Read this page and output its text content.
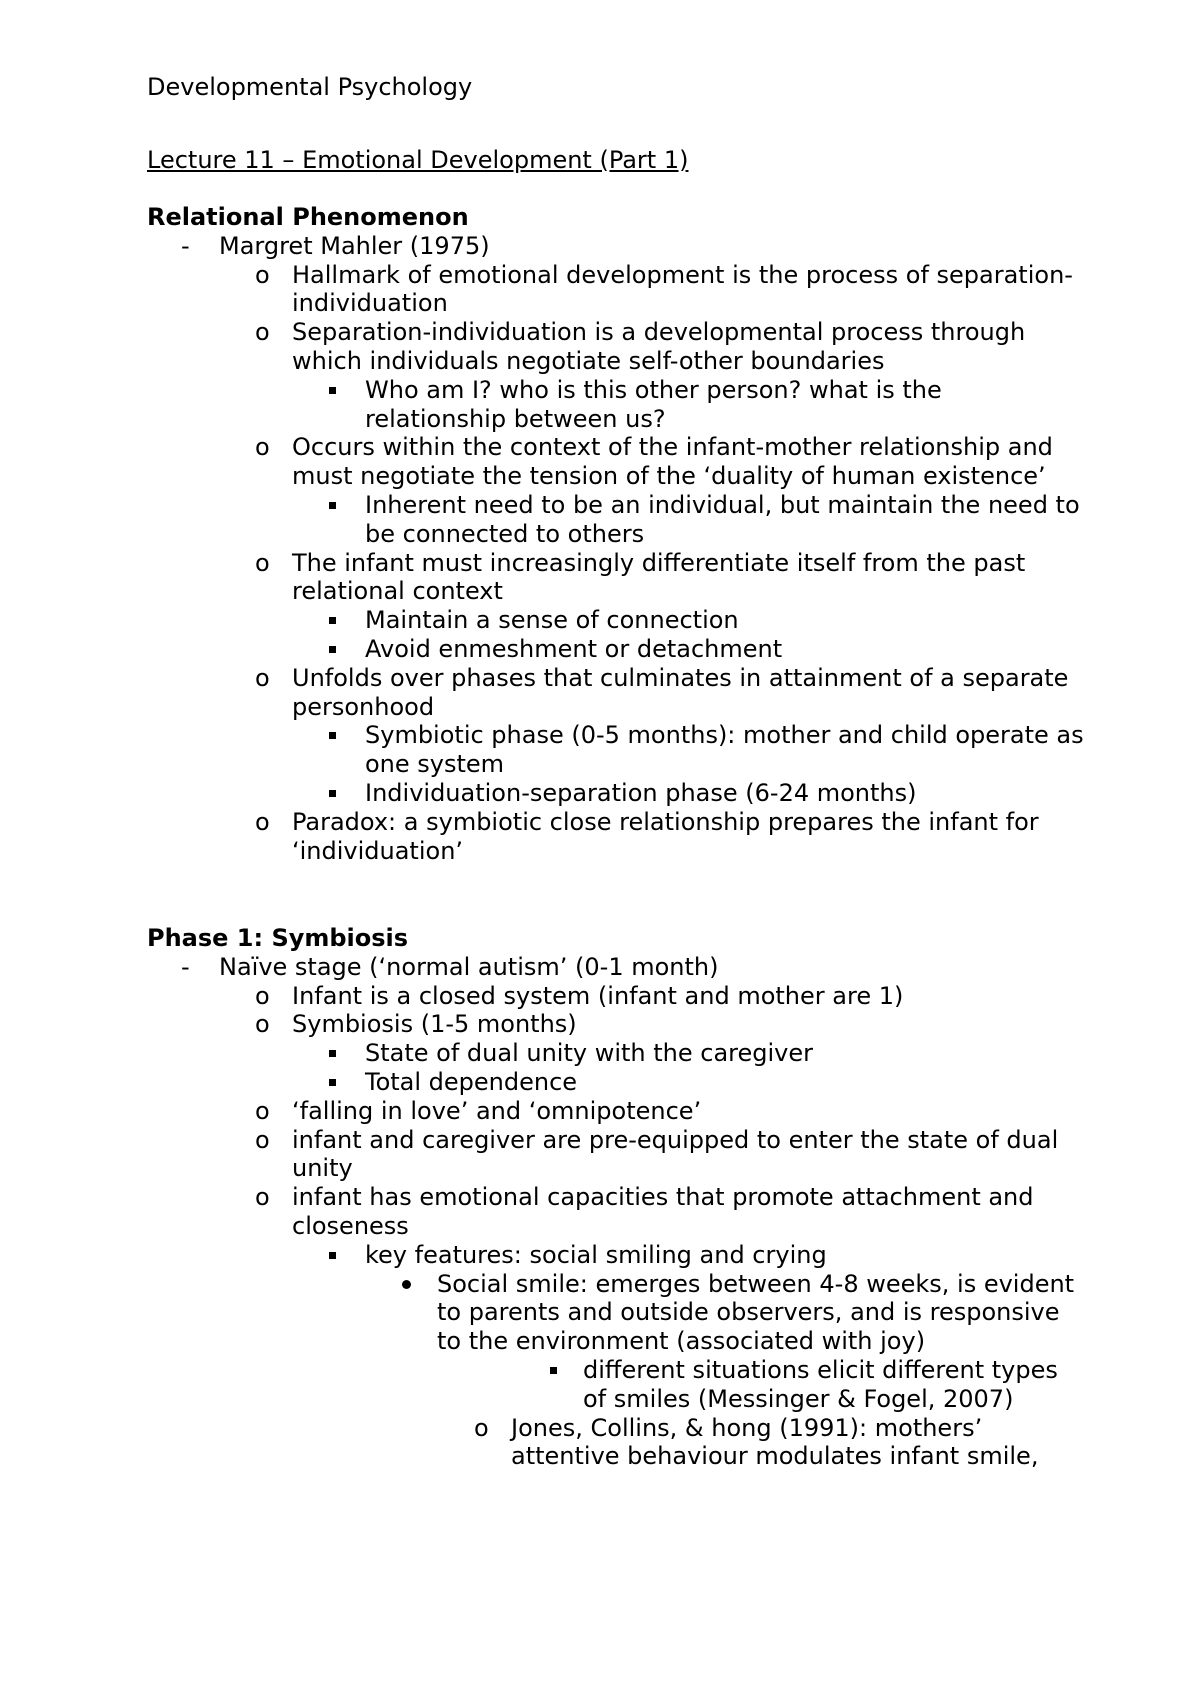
Developmental Psychology

Lecture 11 – Emotional Development (Part 1)

Relational Phenomenon

- Margret Mahler (1975)
o Hallmark of emotional development is the process of separation-individuation
o Separation-individuation is a developmental process through which individuals negotiate self-other boundaries
Who am I? who is this other person? what is the relationship between us?
o Occurs within the context of the infant-mother relationship and must negotiate the tension of the ‘duality of human existence’
Inherent need to be an individual, but maintain the need to be connected to others
o The infant must increasingly differentiate itself from the past relational context
Maintain a sense of connection
Avoid enmeshment or detachment
o Unfolds over phases that culminates in attainment of a separate personhood
Symbiotic phase (0-5 months): mother and child operate as one system
Individuation-separation phase (6-24 months)
o Paradox: a symbiotic close relationship prepares the infant for ‘individuation’

Phase 1: Symbiosis

- Naïve stage (‘normal autism’ (0-1 month)
o Infant is a closed system (infant and mother are 1)
o Symbiosis (1-5 months)
State of dual unity with the caregiver
Total dependence
o ‘falling in love’ and ‘omnipotence’
o infant and caregiver are pre-equipped to enter the state of dual unity
o infant has emotional capacities that promote attachment and closeness
key features: social smiling and crying
Social smile: emerges between 4-8 weeks, is evident to parents and outside observers, and is responsive to the environment (associated with joy)
different situations elicit different types of smiles (Messinger & Fogel, 2007)
o Jones, Collins, & hong (1991): mothers’ attentive behaviour modulates infant smile,
